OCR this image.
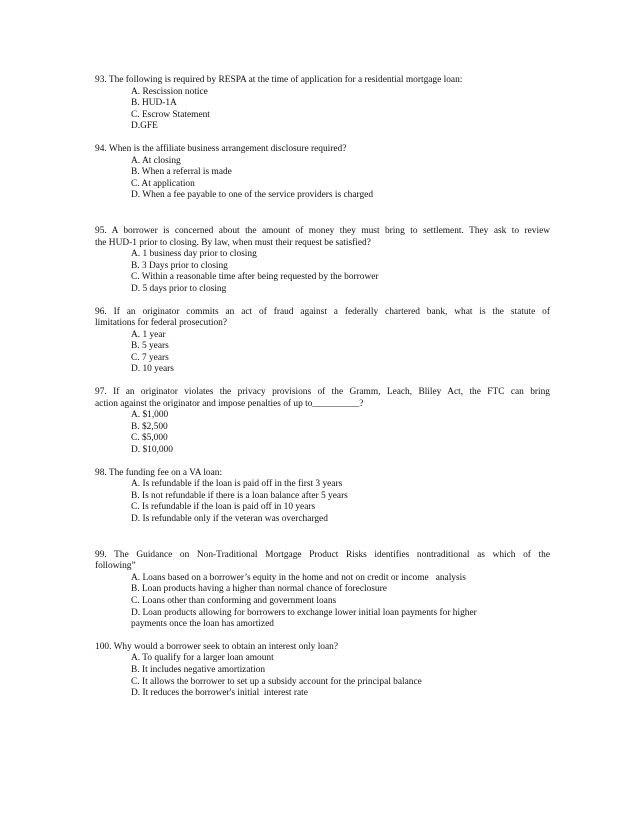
93. The following is required by RESPA at the time of application for a residential mortgage loan:

A. Rescission notice
B. HUD-1A
C. Escrow Statement
D.GFE

94. When is the affiliate business arrangement disclosure required?

A. At closing
B. When a referral is made
C. At application
D. When a fee payable to one of the service providers is charged

95. A borrower is concerned about the amount of money they must bring to settlement. They ask to review

the HUD-1 prior to closing. By law, when must their request be satisfied?

A. 1 business day prior to closing
B. 3 Days prior to closing
C. Within a reasonable time after being requested by the borrower
D. 5 days prior to closing

96. If an originator commits an act of fraud against a federally chartered bank, what is the statute of

limitations for federal prosecution?

A. 1 year
B. 5 years
C. 7 years
D. 10 years

97. If an originator violates the privacy provisions of the Gramm, Leach, Bliley Act, the FTC can bring

action against the originator and impose penalties of up to__________?

A. $1,000
B. $2,500
C. $5,000
D. $10,000

98. The funding fee on a VA loan:

A. Is refundable if the loan is paid off in the first 3 years
B. Is not refundable if there is a loan balance after 5 years
C. Is refundable if the loan is paid off in 10 years
D. Is refundable only if the veteran was overcharged

99. The Guidance on Non-Traditional Mortgage Product Risks identifies nontraditional as which of the

following”

A. Loans based on a borrower’s equity in the home and not on credit or income   analysis
B. Loan products having a higher than normal chance of foreclosure
C. Loans other than conforming and government loans
D. Loan products allowing for borrowers to exchange lower initial loan payments for higher
payments once the loan has amortized

100. Why would a borrower seek to obtain an interest only loan?

A. To qualify for a larger loan amount
B. It includes negative amortization
C. It allows the borrower to set up a subsidy account for the principal balance
D. It reduces the borrower's initial  interest rate
